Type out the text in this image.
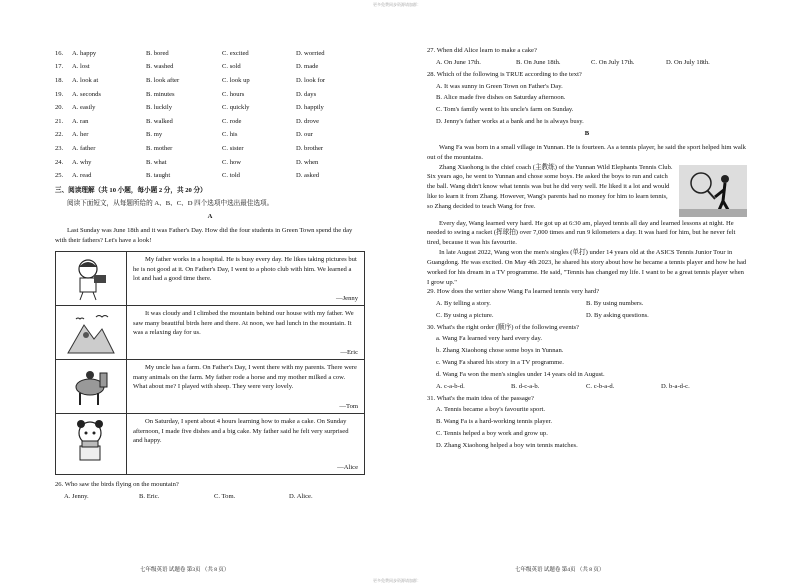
更多免费同步资源请加群：
16.	A. happy	B. bored	C. excited	D. worried
17.	A. lost	B. washed	C. sold	D. made
18.	A. look at	B. look after	C. look up	D. look for
19.	A. seconds	B. minutes	C. hours	D. days
20.	A. easily	B. luckily	C. quickly	D. happily
21.	A. ran	B. walked	C. rode	D. drove
22.	A. her	B. my	C. his	D. our
23.	A. father	B. mother	C. sister	D. brother
24.	A. why	B. what	C. how	D. when
25.	A. read	B. taught	C. told	D. asked
三、阅读理解（共 10 小题，每小题 2 分，共 20 分）
阅读下面短文，从每题所给的 A、B、C、D 四个选项中选出最佳选项。
A

Last Sunday was June 18th and it was Father's Day. How did the four students in Green Town spend the day with their fathers? Let's have a look!

My father works in a hospital. He is busy every day. He likes taking pictures but he is not good at it. On Father's Day, I went to a photo club with him. We learned a lot and had a good time there.

—Jenny

It was cloudy and I climbed the mountain behind our house with my father. We saw many beautiful birds here and there. At noon, we had lunch in the mountain. It was a relaxing day for us.

—Eric

My uncle has a farm. On Father's Day, I went there with my parents. There were many animals on the farm. My father rode a horse and my mother milked a cow. What about me? I played with sheep. They were very lovely.

—Tom

On Saturday, I spent about 4 hours learning how to make a cake. On Sunday afternoon, I made five dishes and a big cake. My father said he felt very surprised and happy.

—Alice
26. Who saw the birds flying on the mountain?
A. Jenny.	B. Eric.	C. Tom.	D. Alice.
七年级英语 试题卷 第3页 （共 8 页）
27. When did Alice learn to make a cake?
A. On June 17th.	B. On June 18th.	C. On July 17th.	D. On July 18th.
28. Which of the following is TRUE according to the text?
A. It was sunny in Green Town on Father's Day.
B. Alice made five dishes on Saturday afternoon.
C. Tom's family went to his uncle's farm on Sunday.
D. Jenny's father works at a bank and he is always busy.
B

Wang Fa was born in a small village in Yunnan. He is fourteen. As a tennis player, he said the sport helped him walk out of the mountains.

Zhang Xiaohong is the chief coach (主教练) of the Yunnan Wild Elephants Tennis Club. Six years ago, he went to Yunnan and chose some boys. He asked the boys to run and catch the ball. Wang didn't know what tennis was but he did very well. He liked it a lot and would like to learn it from Zhang. However, Wang's parents had no money for him to learn tennis, so Zhang decided to teach Wang for free.

Every day, Wang learned very hard. He got up at 6:30 am, played tennis all day and learned lessons at night. He needed to swing a racket (挥球拍) over 7,000 times and run 9 kilometers a day. It was hard for him, but he never felt tired, because it was his favourite.

In late August 2022, Wang won the men's singles (单打) under 14 years old at the ASICS Tennis Junior Tour in Guangdong. He was excited. On May 4th 2023, he shared his story about how he became a tennis player and how he had worked for his dream in a TV programme. He said, "Tennis has changed my life. I want to be a great tennis player when I grow up."

29. How does the writer show Wang Fa learned tennis very hard?
A. By telling a story.	B. By using numbers.
C. By using a picture.	D. By asking questions.
30. What's the right order (顺序) of the following events?
a. Wang Fa learned very hard every day.
b. Zhang Xiaohong chose some boys in Yunnan.
c. Wang Fa shared his story in a TV programme.
d. Wang Fa won the men's singles under 14 years old in August.
A. c-a-b-d.	B. d-c-a-b.	C. c-b-a-d.	D. b-a-d-c.
31. What's the main idea of the passage?
A. Tennis became a boy's favourite sport.
B. Wang Fa is a hard-working tennis player.
C. Tennis helped a boy work and grow up.
D. Zhang Xiaohong helped a boy win tennis matches.
七年级英语 试题卷 第4页 （共 8 页）
更多免费同步资源请加群：
